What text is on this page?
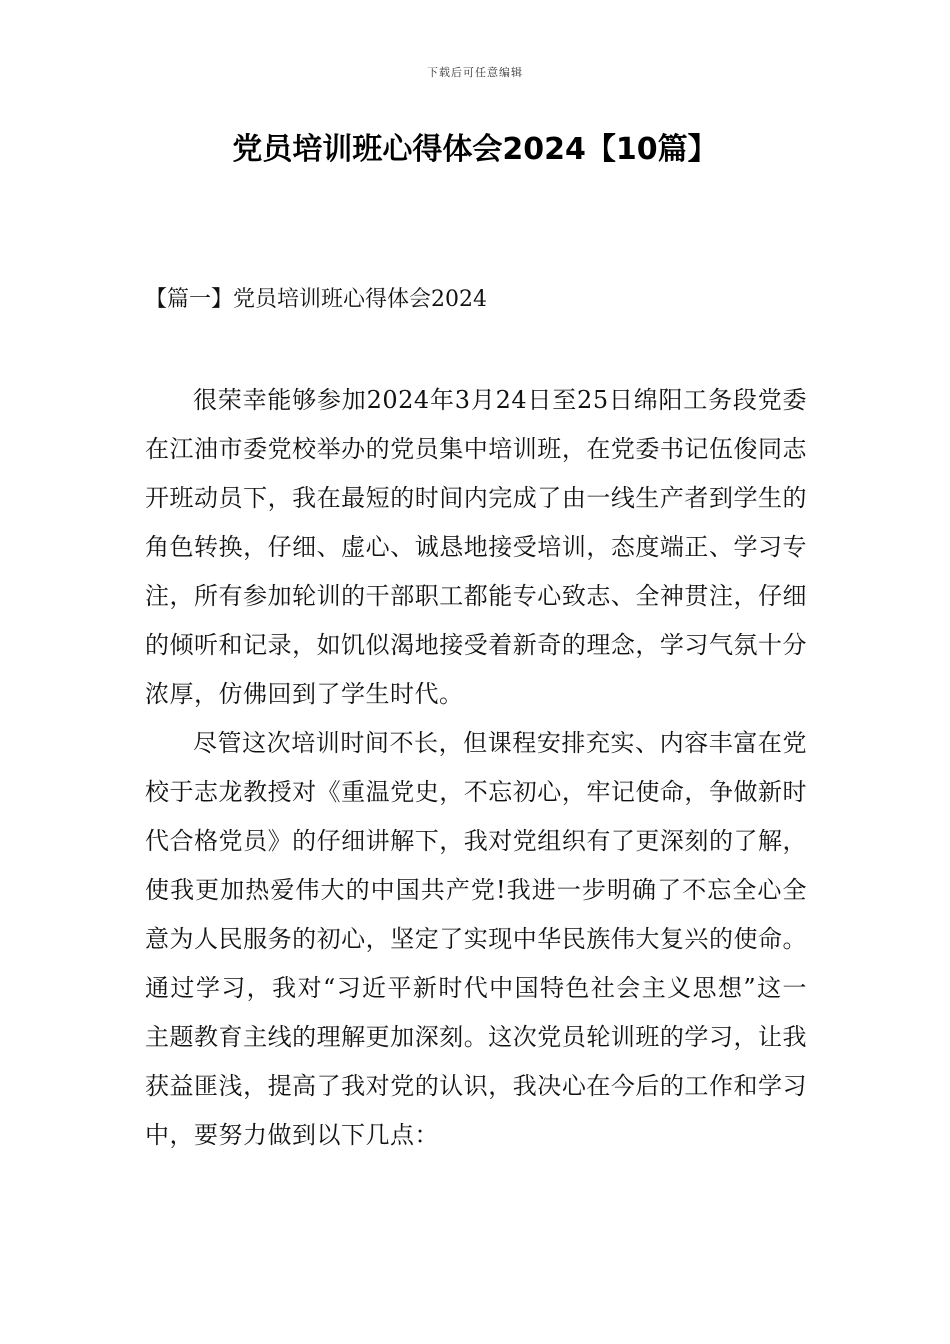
下载后可任意编辑
党员培训班心得体会2024【10篇】
【篇一】党员培训班心得体会2024

很荣幸能够参加2024年3月24日至25日绵阳工务段党委在江油市委党校举办的党员集中培训班，在党委书记伍俊同志开班动员下，我在最短的时间内完成了由一线生产者到学生的角色转换，仔细、虚心、诚恳地接受培训，态度端正、学习专注，所有参加轮训的干部职工都能专心致志、全神贯注，仔细的倾听和记录，如饥似渴地接受着新奇的理念，学习气氛十分浓厚，仿佛回到了学生时代。

尽管这次培训时间不长，但课程安排充实、内容丰富在党校于志龙教授对《重温党史，不忘初心，牢记使命，争做新时代合格党员》的仔细讲解下，我对党组织有了更深刻的了解，使我更加热爱伟大的中国共产党!我进一步明确了不忘全心全意为人民服务的初心，坚定了实现中华民族伟大复兴的使命。通过学习，我对“习近平新时代中国特色社会主义思想”这一主题教育主线的理解更加深刻。这次党员轮训班的学习，让我获益匪浅，提高了我对党的认识，我决心在今后的工作和学习中，要努力做到以下几点：
